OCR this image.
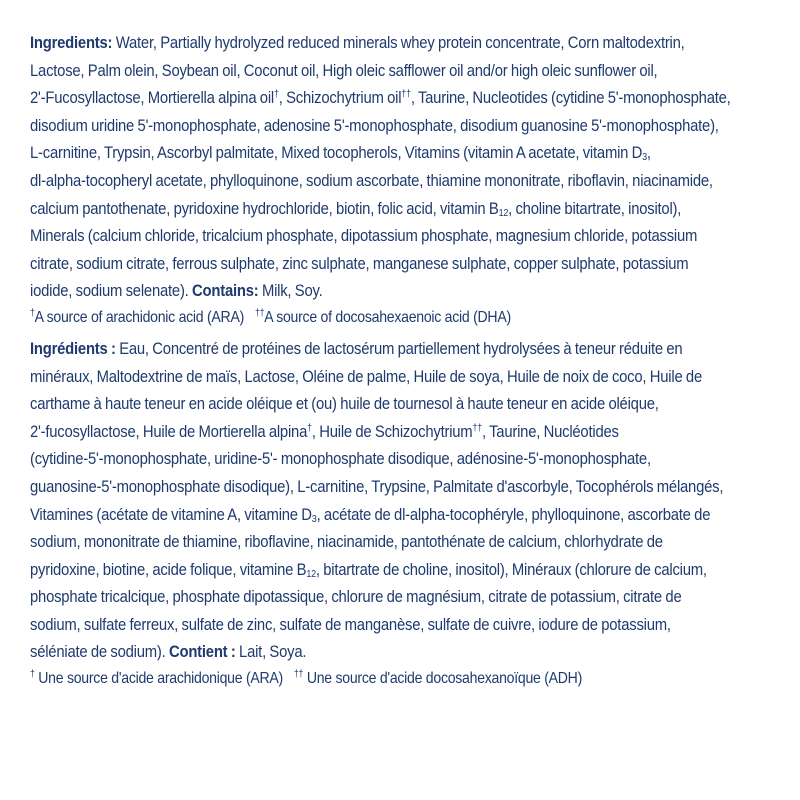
Ingredients: Water, Partially hydrolyzed reduced minerals whey protein concentrate, Corn maltodextrin,
Lactose, Palm olein, Soybean oil, Coconut oil, High oleic safflower oil and/or high oleic sunflower oil,
2'-Fucosyllactose, Mortierella alpina oil†, Schizochytrium oil††, Taurine, Nucleotides (cytidine 5'-monophosphate,
disodium uridine 5'-monophosphate, adenosine 5'-monophosphate, disodium guanosine 5'-monophosphate),
L-carnitine, Trypsin, Ascorbyl palmitate, Mixed tocopherols, Vitamins (vitamin A acetate, vitamin $D_3$,
dl-alpha-tocopheryl acetate, phylloquinone, sodium ascorbate, thiamine mononitrate, riboflavin, niacinamide,
calcium pantothenate, pyridoxine hydrochloride, biotin, folic acid, vitamin $B_{12}$, choline bitartrate, inositol),
Minerals (calcium chloride, tricalcium phosphate, dipotassium phosphate, magnesium chloride, potassium
citrate, sodium citrate, ferrous sulphate, zinc sulphate, manganese sulphate, copper sulphate, potassium
iodide, sodium selenate). Contains: Milk, Soy.
†A source of arachidonic acid (ARA) ††A source of docosahexaenoic acid (DHA)
Ingrédients : Eau, Concentré de protéines de lactosérum partiellement hydrolysées à teneur réduite en
minéraux, Maltodextrine de maïs, Lactose, Oléine de palme, Huile de soya, Huile de noix de coco, Huile de
carthame à haute teneur en acide oléique et (ou) huile de tournesol à haute teneur en acide oléique,
2'-fucosyllactose, Huile de Mortierella alpina†, Huile de Schizochytrium††, Taurine, Nucléotides
(cytidine-5'-monophosphate, uridine-5'- monophosphate disodique, adénosine-5'-monophosphate,
guanosine-5'-monophosphate disodique), L-carnitine, Trypsine, Palmitate d'ascorbyle, Tocophérols mélangés,
Vitamines (acétate de vitamine A, vitamine $D_3$, acétate de dl-alpha-tocophéryle, phylloquinone, ascorbate de
sodium, mononitrate de thiamine, riboflavine, niacinamide, pantothénate de calcium, chlorhydrate de
pyridoxine, biotine, acide folique, vitamine $B_{12}$, bitartrate de choline, inositol), Minéraux (chlorure de calcium,
phosphate tricalcique, phosphate dipotassique, chlorure de magnésium, citrate de potassium, citrate de
sodium, sulfate ferreux, sulfate de zinc, sulfate de manganèse, sulfate de cuivre, iodure de potassium,
séléniate de sodium). Contient : Lait, Soya.
† Une source d'acide arachidonique (ARA) †† Une source d'acide docosahexanoïque (ADH)
